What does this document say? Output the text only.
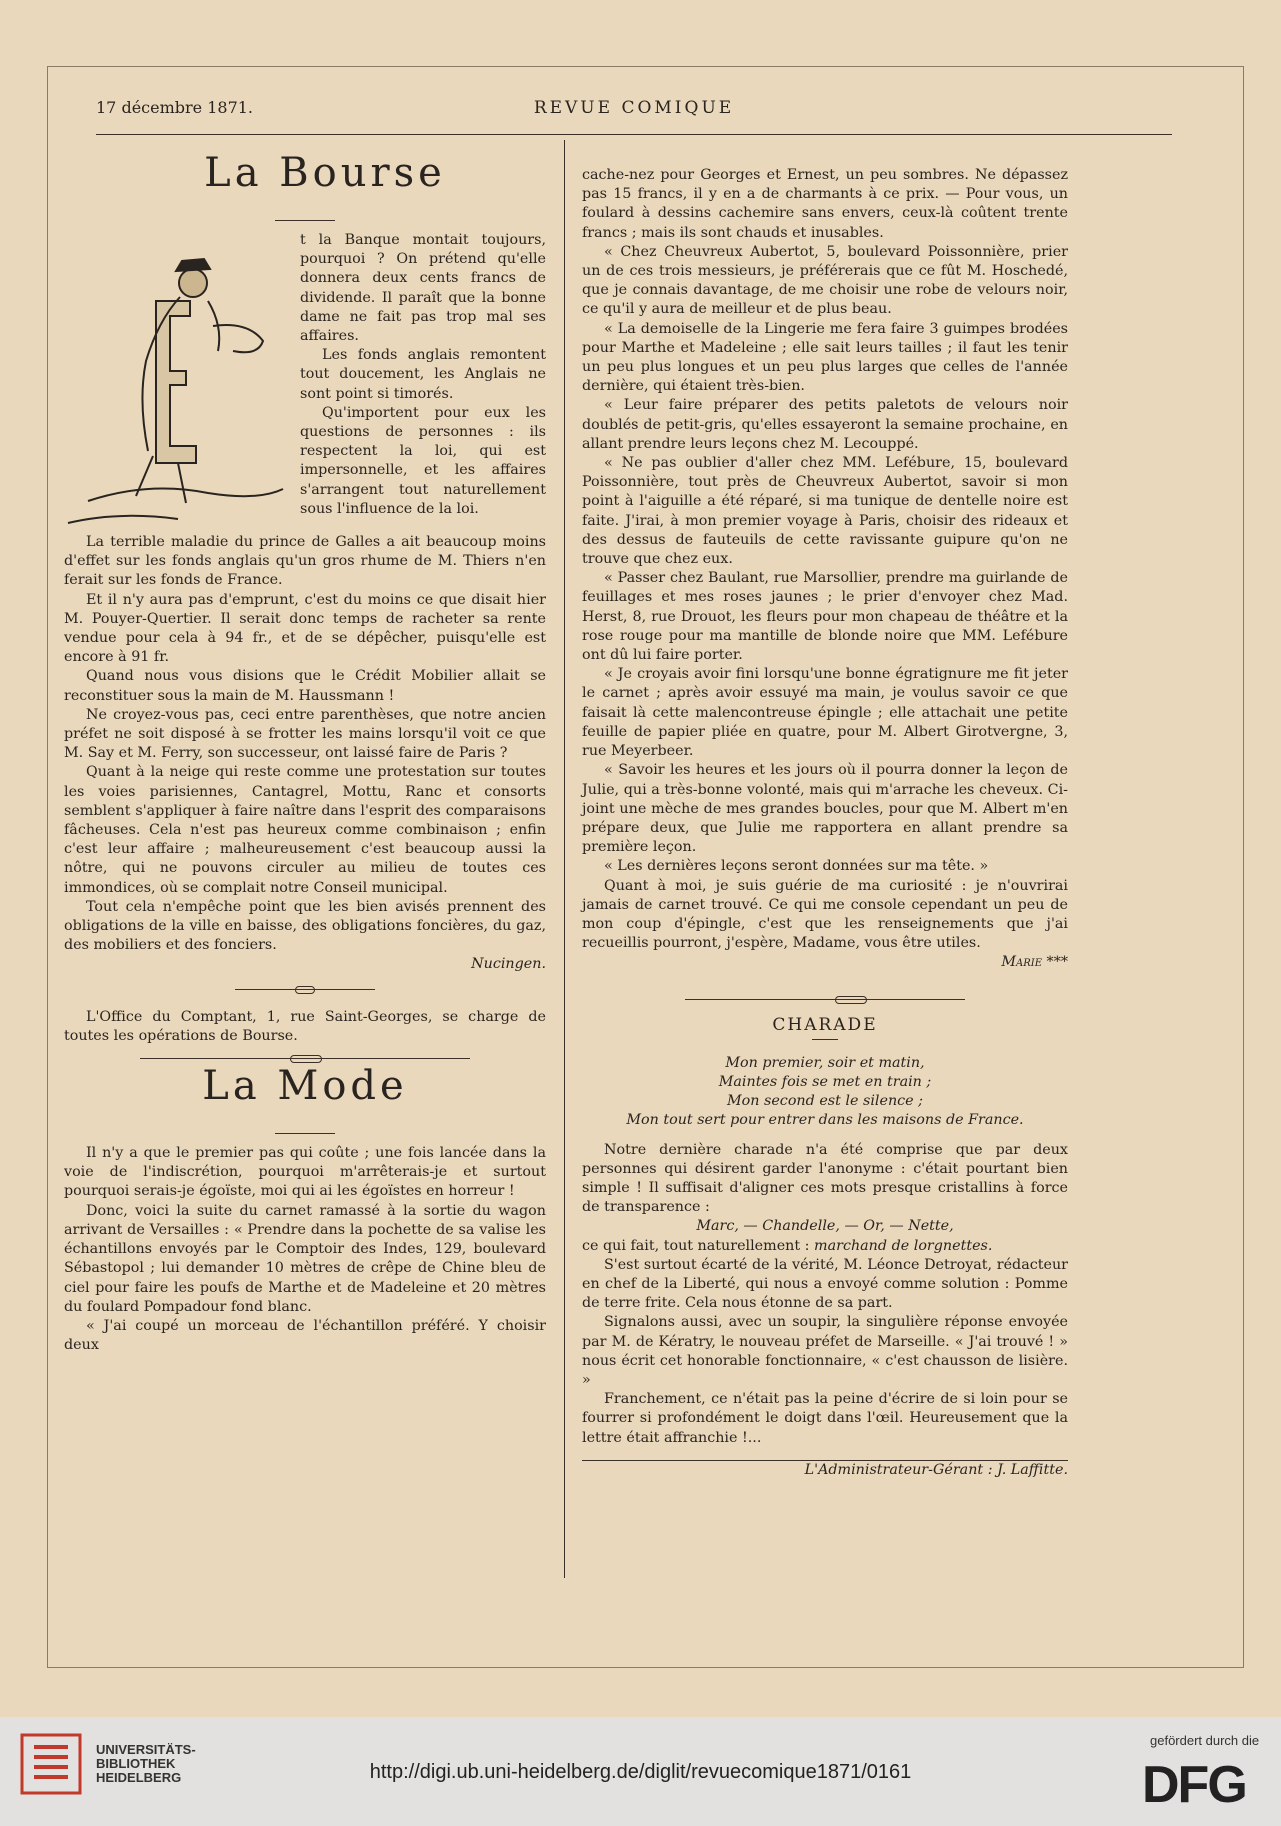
17 décembre 1871.	REVUE COMIQUE
La Bourse

t la Banque montait toujours, pourquoi ? On prétend qu'elle donnera deux cents francs de dividende. Il paraît que la bonne dame ne fait pas trop mal ses affaires.

Les fonds anglais remontent tout doucement, les Anglais ne sont point si timorés.

Qu'importent pour eux les questions de personnes : ils respectent la loi, qui est impersonnelle, et les affaires s'arrangent tout naturellement sous l'influence de la loi.

La terrible maladie du prince de Galles a ait beaucoup moins d'effet sur les fonds anglais qu'un gros rhume de M. Thiers n'en ferait sur les fonds de France.

Et il n'y aura pas d'emprunt, c'est du moins ce que disait hier M. Pouyer-Quertier. Il serait donc temps de racheter sa rente vendue pour cela à 94 fr., et de se dépêcher, puisqu'elle est encore à 91 fr.

Quand nous vous disions que le Crédit Mobilier allait se reconstituer sous la main de M. Haussmann !

Ne croyez-vous pas, ceci entre parenthèses, que notre ancien préfet ne soit disposé à se frotter les mains lorsqu'il voit ce que M. Say et M. Ferry, son successeur, ont laissé faire de Paris ?

Quant à la neige qui reste comme une protestation sur toutes les voies parisiennes, Cantagrel, Mottu, Ranc et consorts semblent s'appliquer à faire naître dans l'esprit des comparaisons fâcheuses. Cela n'est pas heureux comme combinaison ; enfin c'est leur affaire ; malheureusement c'est beaucoup aussi la nôtre, qui ne pouvons circuler au milieu de toutes ces immondices, où se complait notre Conseil municipal.

Tout cela n'empêche point que les bien avisés prennent des obligations de la ville en baisse, des obligations foncières, du gaz, des mobiliers et des fonciers.

Nucingen.

L'Office du Comptant, 1, rue Saint-Georges, se charge de toutes les opérations de Bourse.

La Mode

Il n'y a que le premier pas qui coûte ; une fois lancée dans la voie de l'indiscrétion, pourquoi m'arrêterais-je et surtout pourquoi serais-je égoïste, moi qui ai les égoïstes en horreur !

Donc, voici la suite du carnet ramassé à la sortie du wagon arrivant de Versailles : « Prendre dans la pochette de sa valise les échantillons envoyés par le Comptoir des Indes, 129, boulevard Sébastopol ; lui demander 10 mètres de crêpe de Chine bleu de ciel pour faire les poufs de Marthe et de Madeleine et 20 mètres du foulard Pompadour fond blanc.

« J'ai coupé un morceau de l'échantillon préféré. Y choisir deux

cache-nez pour Georges et Ernest, un peu sombres. Ne dépassez pas 15 francs, il y en a de charmants à ce prix. — Pour vous, un foulard à dessins cachemire sans envers, ceux-là coûtent trente francs ; mais ils sont chauds et inusables.

« Chez Cheuvreux Aubertot, 5, boulevard Poissonnière, prier un de ces trois messieurs, je préférerais que ce fût M. Hoschedé, que je connais davantage, de me choisir une robe de velours noir, ce qu'il y aura de meilleur et de plus beau.

« La demoiselle de la Lingerie me fera faire 3 guimpes brodées pour Marthe et Madeleine ; elle sait leurs tailles ; il faut les tenir un peu plus longues et un peu plus larges que celles de l'année dernière, qui étaient très-bien.

« Leur faire préparer des petits paletots de velours noir doublés de petit-gris, qu'elles essayeront la semaine prochaine, en allant prendre leurs leçons chez M. Lecouppé.

« Ne pas oublier d'aller chez MM. Lefébure, 15, boulevard Poissonnière, tout près de Cheuvreux Aubertot, savoir si mon point à l'aiguille a été réparé, si ma tunique de dentelle noire est faite. J'irai, à mon premier voyage à Paris, choisir des rideaux et des dessus de fauteuils de cette ravissante guipure qu'on ne trouve que chez eux.

« Passer chez Baulant, rue Marsollier, prendre ma guirlande de feuillages et mes roses jaunes ; le prier d'envoyer chez Mad. Herst, 8, rue Drouot, les fleurs pour mon chapeau de théâtre et la rose rouge pour ma mantille de blonde noire que MM. Lefébure ont dû lui faire porter.

« Je croyais avoir fini lorsqu'une bonne égratignure me fit jeter le carnet ; après avoir essuyé ma main, je voulus savoir ce que faisait là cette malencontreuse épingle ; elle attachait une petite feuille de papier pliée en quatre, pour M. Albert Girotvergne, 3, rue Meyerbeer.

« Savoir les heures et les jours où il pourra donner la leçon de Julie, qui a très-bonne volonté, mais qui m'arrache les cheveux. Ci-joint une mèche de mes grandes boucles, pour que M. Albert m'en prépare deux, que Julie me rapportera en allant prendre sa première leçon.

« Les dernières leçons seront données sur ma tête. »

Quant à moi, je suis guérie de ma curiosité : je n'ouvrirai jamais de carnet trouvé. Ce qui me console cependant un peu de mon coup d'épingle, c'est que les renseignements que j'ai recueillis pourront, j'espère, Madame, vous être utiles.

Marie ***

CHARADE
Mon premier, soir et matin,
Maintes fois se met en train ;
Mon second est le silence ;
Mon tout sert pour entrer dans les maisons de France.

Notre dernière charade n'a été comprise que par deux personnes qui désirent garder l'anonyme : c'était pourtant bien simple ! Il suffisait d'aligner ces mots presque cristallins à force de transparence :

Marc, — Chandelle, — Or, — Nette,

ce qui fait, tout naturellement : marchand de lorgnettes.

S'est surtout écarté de la vérité, M. Léonce Detroyat, rédacteur en chef de la Liberté, qui nous a envoyé comme solution : Pomme de terre frite. Cela nous étonne de sa part.

Signalons aussi, avec un soupir, la singulière réponse envoyée par M. de Kératry, le nouveau préfet de Marseille. « J'ai trouvé ! » nous écrit cet honorable fonctionnaire, « c'est chausson de lisière. »

Franchement, ce n'était pas la peine d'écrire de si loin pour se fourrer si profondément le doigt dans l'œil. Heureusement que la lettre était affranchie !...

L'Administrateur-Gérant : J. Laffitte.

UNIVERSITÄTS-
BIBLIOTHEK
HEIDELBERG	http://digi.ub.uni-heidelberg.de/diglit/revuecomique1871/0161
gefördert durch die
DFG
